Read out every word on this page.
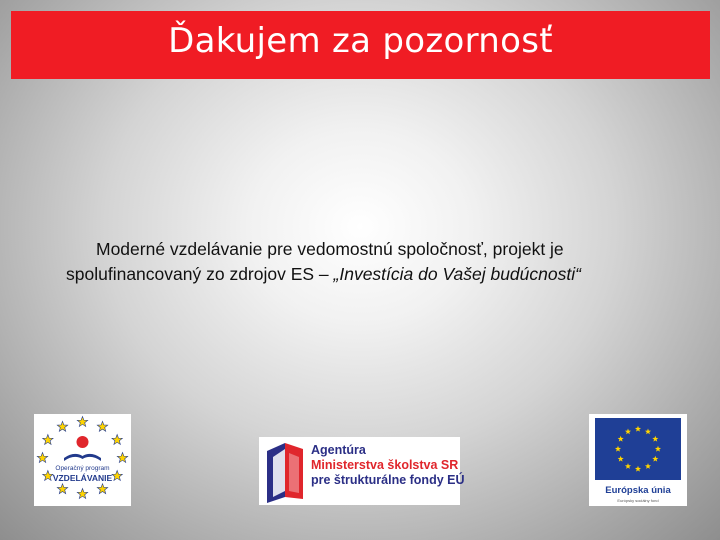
Ďakujem za pozornosť
Moderné vzdelávanie pre vedomostnú spoločnosť, projekt je
spolufinancovaný zo zdrojov ES – „Investícia do Vašej budúcnosti“
Operačný program
VZDELÁVANIE
Agentúra
Ministerstva školstva SR
pre štrukturálne fondy EÚ
Európska únia
Európsky sociálny fond
